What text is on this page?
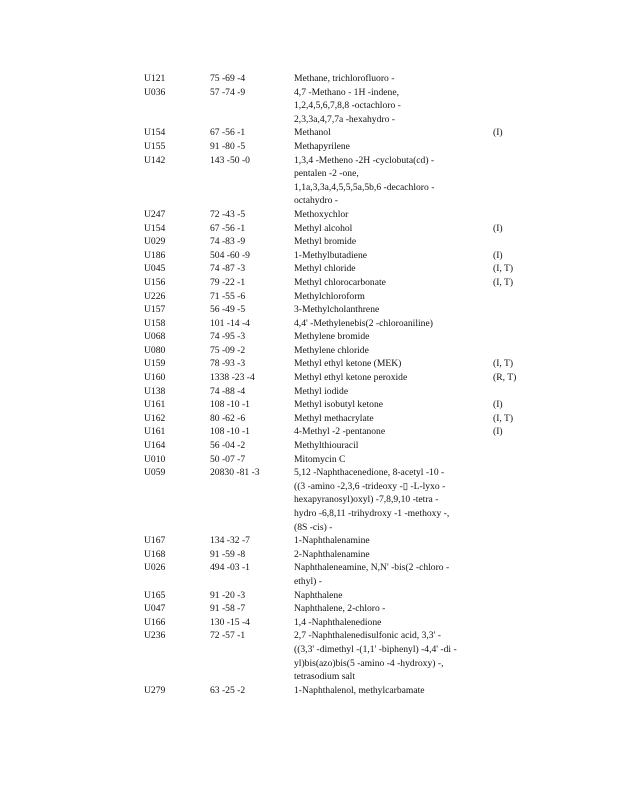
U121	75 -69 -4	Methane, trichlorofluoro -
U036	57 -74 -9	4,7 -Methano - 1H -indene,
1,2,4,5,6,7,8,8 -octachloro -
2,3,3a,4,7,7a -hexahydro -
U154	67 -56 -1	Methanol	(I)
U155	91 -80 -5	Methapyrilene
U142	143 -50 -0	1,3,4 -Metheno -2H -cyclobuta(cd) -
pentalen -2 -one,
1,1a,3,3a,4,5,5,5a,5b,6 -decachloro -
octahydro -
U247	72 -43 -5	Methoxychlor
U154	67 -56 -1	Methyl alcohol	(I)
U029	74 -83 -9	Methyl bromide
U186	504 -60 -9	1-Methylbutadiene	(I)
U045	74 -87 -3	Methyl chloride	(I, T)
U156	79 -22 -1	Methyl chlorocarbonate	(I, T)
U226	71 -55 -6	Methylchloroform
U157	56 -49 -5	3-Methylcholanthrene
U158	101 -14 -4	4,4' -Methylenebis(2 -chloroaniline)
U068	74 -95 -3	Methylene bromide
U080	75 -09 -2	Methylene chloride
U159	78 -93 -3	Methyl ethyl ketone (MEK)	(I, T)
U160	1338 -23 -4	Methyl ethyl ketone peroxide	(R, T)
U138	74 -88 -4	Methyl iodide
U161	108 -10 -1	Methyl isobutyl ketone	(I)
U162	80 -62 -6	Methyl methacrylate	(I, T)
U161	108 -10 -1	4-Methyl -2 -pentanone	(I)
U164	56 -04 -2	Methylthiouracil
U010	50 -07 -7	Mitomycin C
U059	20830 -81 -3	5,12 -Naphthacenedione, 8-acetyl -10 -
((3 -amino -2,3,6 -trideoxy -▯ -L-lyxo -
hexapyranosyl)oxyl) -7,8,9,10 -tetra -
hydro -6,8,11 -trihydroxy -1 -methoxy -,
(8S -cis) -
U167	134 -32 -7	1-Naphthalenamine
U168	91 -59 -8	2-Naphthalenamine
U026	494 -03 -1	Naphthaleneamine, N,N' -bis(2 -chloro -
ethyl) -
U165	91 -20 -3	Naphthalene
U047	91 -58 -7	Naphthalene, 2-chloro -
U166	130 -15 -4	1,4 -Naphthalenedione
U236	72 -57 -1	2,7 -Naphthalenedisulfonic acid, 3,3' -
((3,3' -dimethyl -(1,1' -biphenyl) -4,4' -di -
yl)bis(azo)bis(5 -amino -4 -hydroxy) -,
tetrasodium salt
U279	63 -25 -2	1-Naphthalenol, methylcarbamate
